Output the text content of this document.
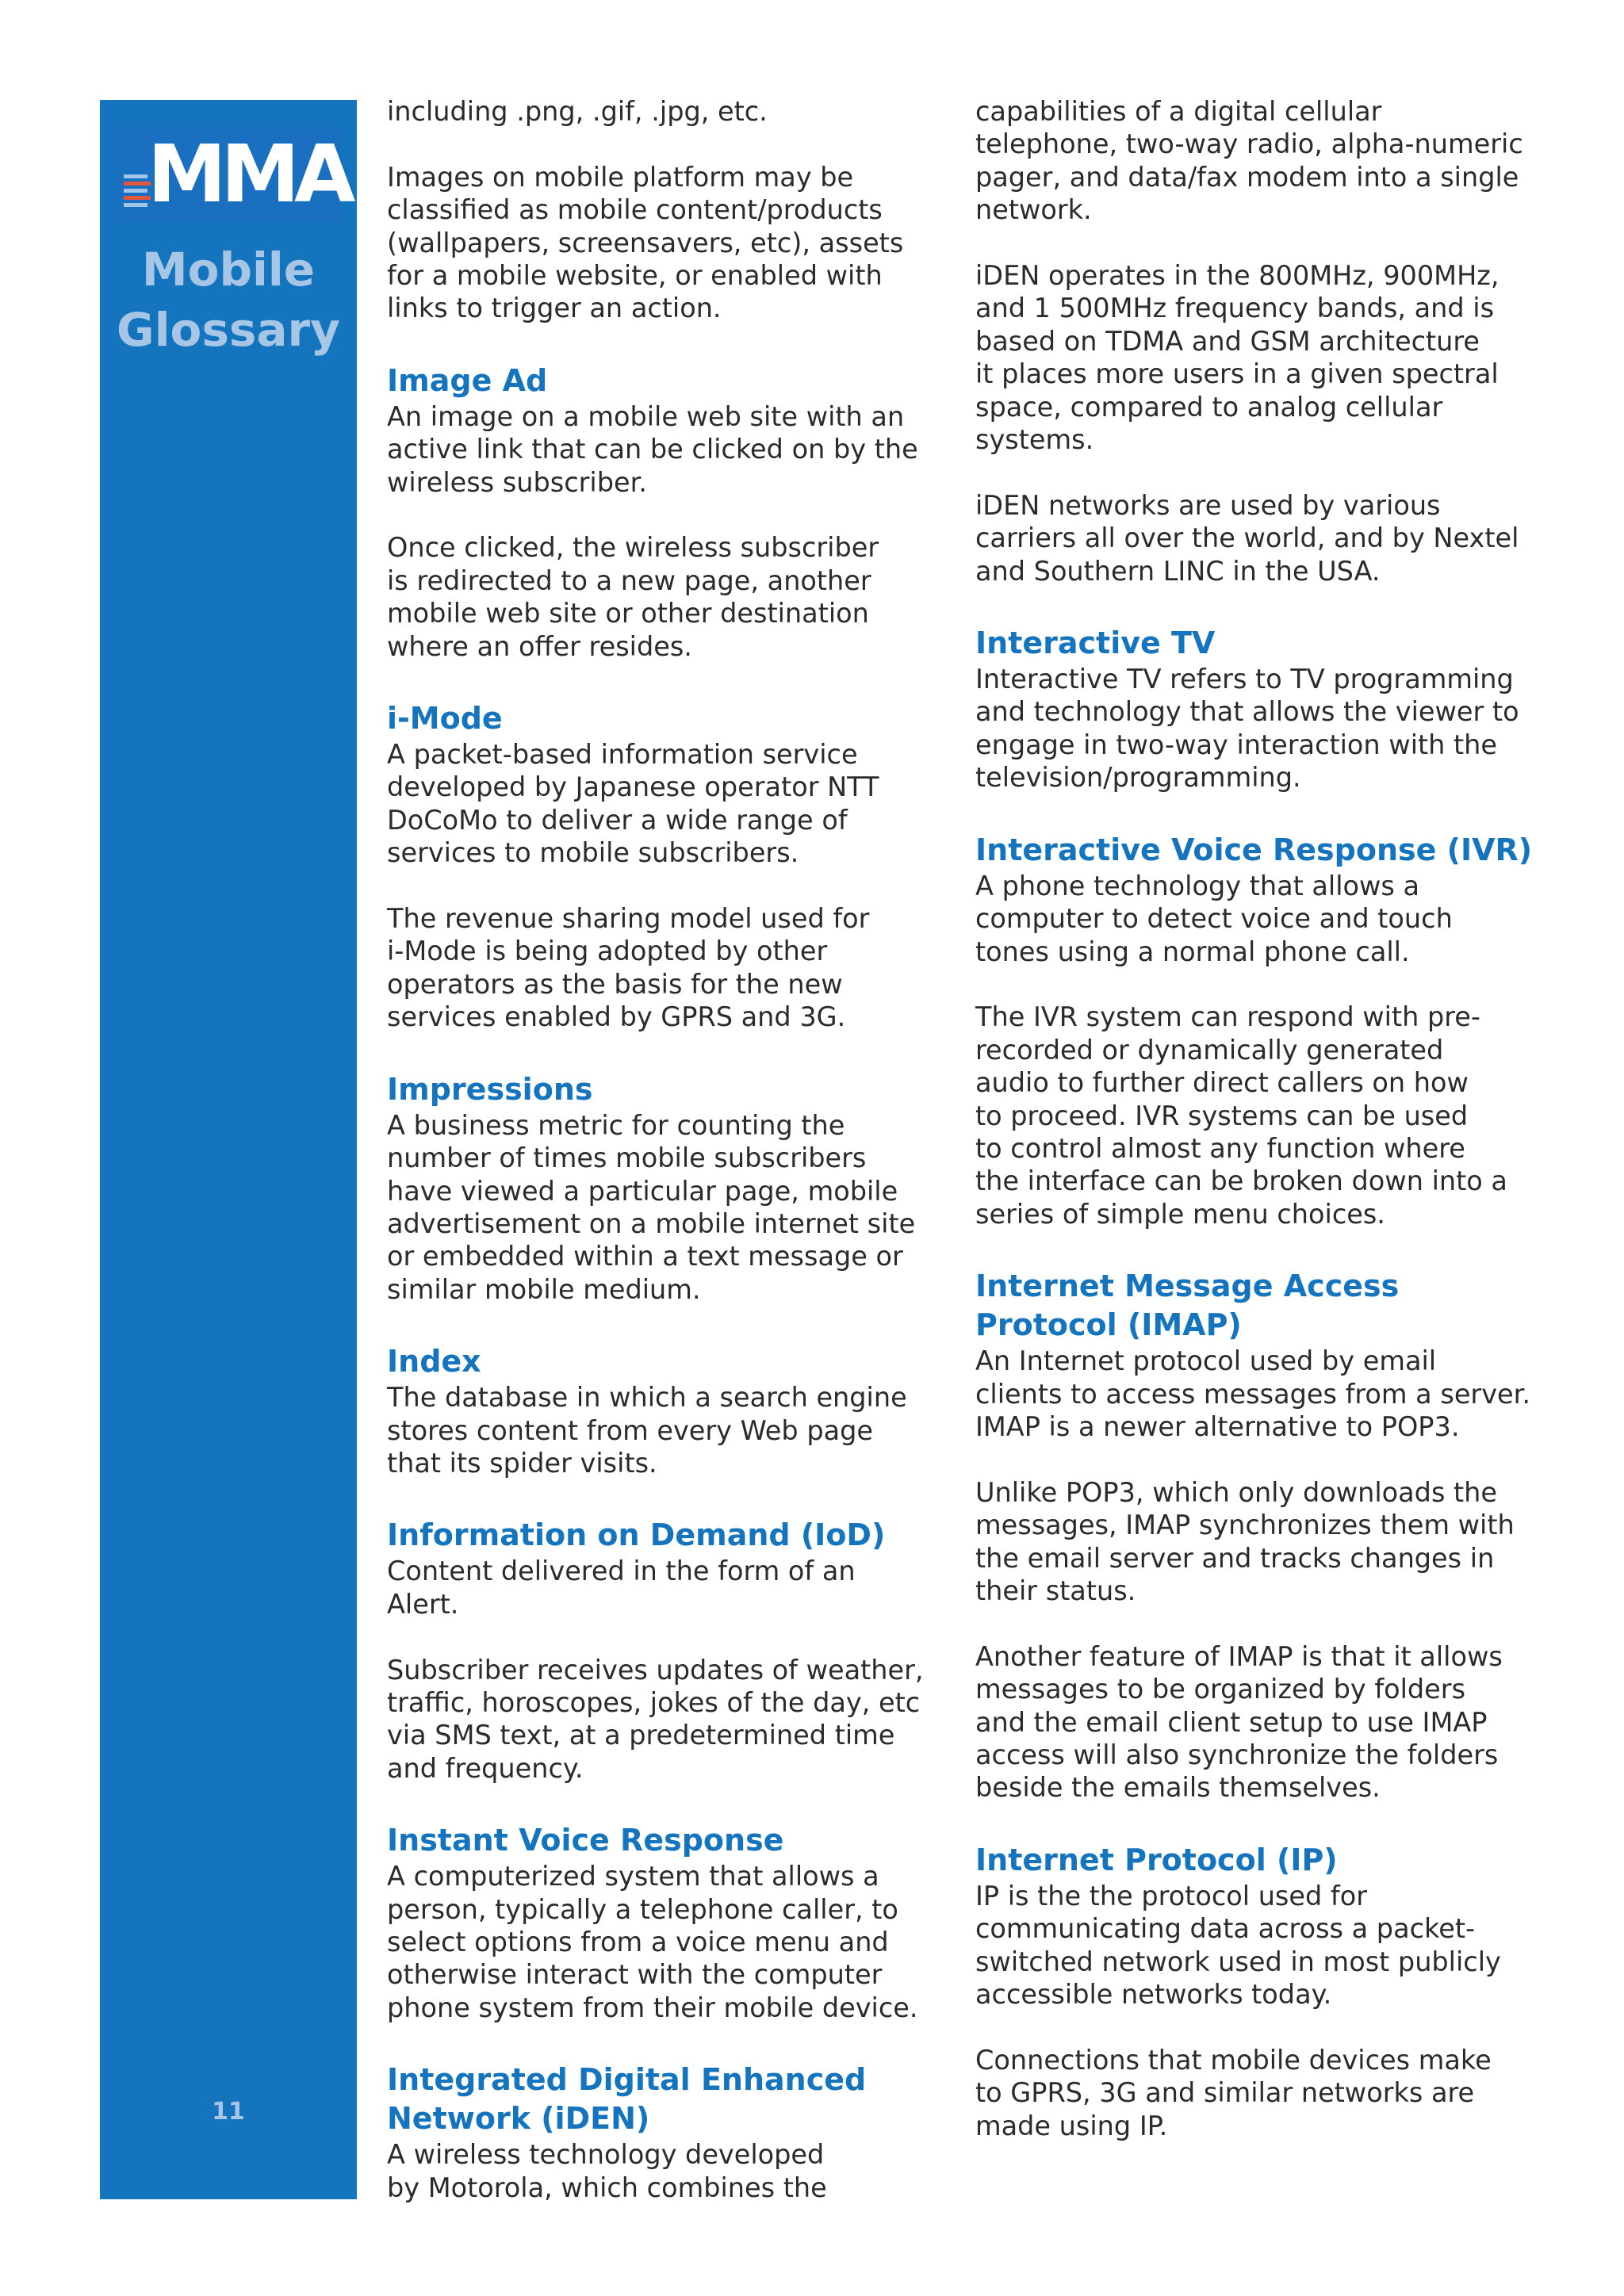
MMA
Mobile
Glossary
11

including .png, .gif, .jpg, etc.

Images on mobile platform may be
classified as mobile content/products
(wallpapers, screensavers, etc), assets
for a mobile website, or enabled with
links to trigger an action.

Image Ad

An image on a mobile web site with an
active link that can be clicked on by the
wireless subscriber.

Once clicked, the wireless subscriber
is redirected to a new page, another
mobile web site or other destination
where an offer resides.

i-Mode

A packet-based information service
developed by Japanese operator NTT
DoCoMo to deliver a wide range of
services to mobile subscribers.

The revenue sharing model used for
i-Mode is being adopted by other
operators as the basis for the new
services enabled by GPRS and 3G.

Impressions

A business metric for counting the
number of times mobile subscribers
have viewed a particular page, mobile
advertisement on a mobile internet site
or embedded within a text message or
similar mobile medium.

Index

The database in which a search engine
stores content from every Web page
that its spider visits.

Information on Demand (IoD)

Content delivered in the form of an
Alert.

Subscriber receives updates of weather,
traffic, horoscopes, jokes of the day, etc
via SMS text, at a predetermined time
and frequency.

Instant Voice Response

A computerized system that allows a
person, typically a telephone caller, to
select options from a voice menu and
otherwise interact with the computer
phone system from their mobile device.

Integrated Digital Enhanced
Network (iDEN)

A wireless technology developed
by Motorola, which combines the

capabilities of a digital cellular
telephone, two-way radio, alpha-numeric
pager, and data/fax modem into a single
network.

iDEN operates in the 800MHz, 900MHz,
and 1 500MHz frequency bands, and is
based on TDMA and GSM architecture
it places more users in a given spectral
space, compared to analog cellular
systems.

iDEN networks are used by various
carriers all over the world, and by Nextel
and Southern LINC in the USA.

Interactive TV

Interactive TV refers to TV programming
and technology that allows the viewer to
engage in two-way interaction with the
television/programming.

Interactive Voice Response (IVR)

A phone technology that allows a
computer to detect voice and touch
tones using a normal phone call.

The IVR system can respond with pre-
recorded or dynamically generated
audio to further direct callers on how
to proceed. IVR systems can be used
to control almost any function where
the interface can be broken down into a
series of simple menu choices.

Internet Message Access
Protocol (IMAP)

An Internet protocol used by email
clients to access messages from a server.
IMAP is a newer alternative to POP3.

Unlike POP3, which only downloads the
messages, IMAP synchronizes them with
the email server and tracks changes in
their status.

Another feature of IMAP is that it allows
messages to be organized by folders
and the email client setup to use IMAP
access will also synchronize the folders
beside the emails themselves.

Internet Protocol (IP)

IP is the the protocol used for
communicating data across a packet-
switched network used in most publicly
accessible networks today.

Connections that mobile devices make
to GPRS, 3G and similar networks are
made using IP.
